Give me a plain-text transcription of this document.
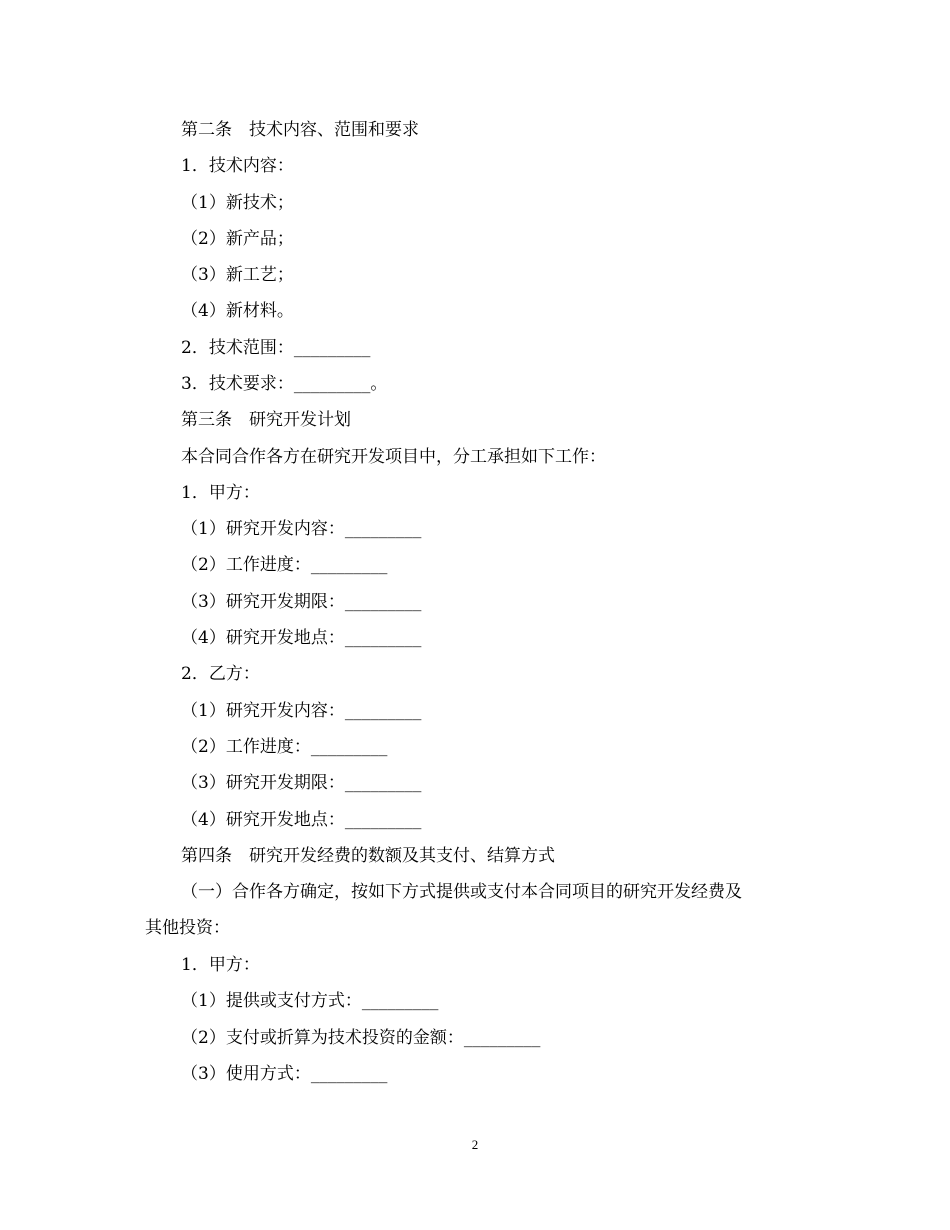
第二条　技术内容、范围和要求
1．技术内容：
（1）新技术；
（2）新产品；
（3）新工艺；
（4）新材料。
2．技术范围：_________
3．技术要求：_________。
第三条　研究开发计划
本合同合作各方在研究开发项目中，分工承担如下工作：
1．甲方：
（1）研究开发内容：_________
（2）工作进度：_________
（3）研究开发期限：_________
（4）研究开发地点：_________
2．乙方：
（1）研究开发内容：_________
（2）工作进度：_________
（3）研究开发期限：_________
（4）研究开发地点：_________
第四条　研究开发经费的数额及其支付、结算方式
（一）合作各方确定，按如下方式提供或支付本合同项目的研究开发经费及
其他投资：
1．甲方：
（1）提供或支付方式：_________
（2）支付或折算为技术投资的金额：_________
（3）使用方式：_________
2
